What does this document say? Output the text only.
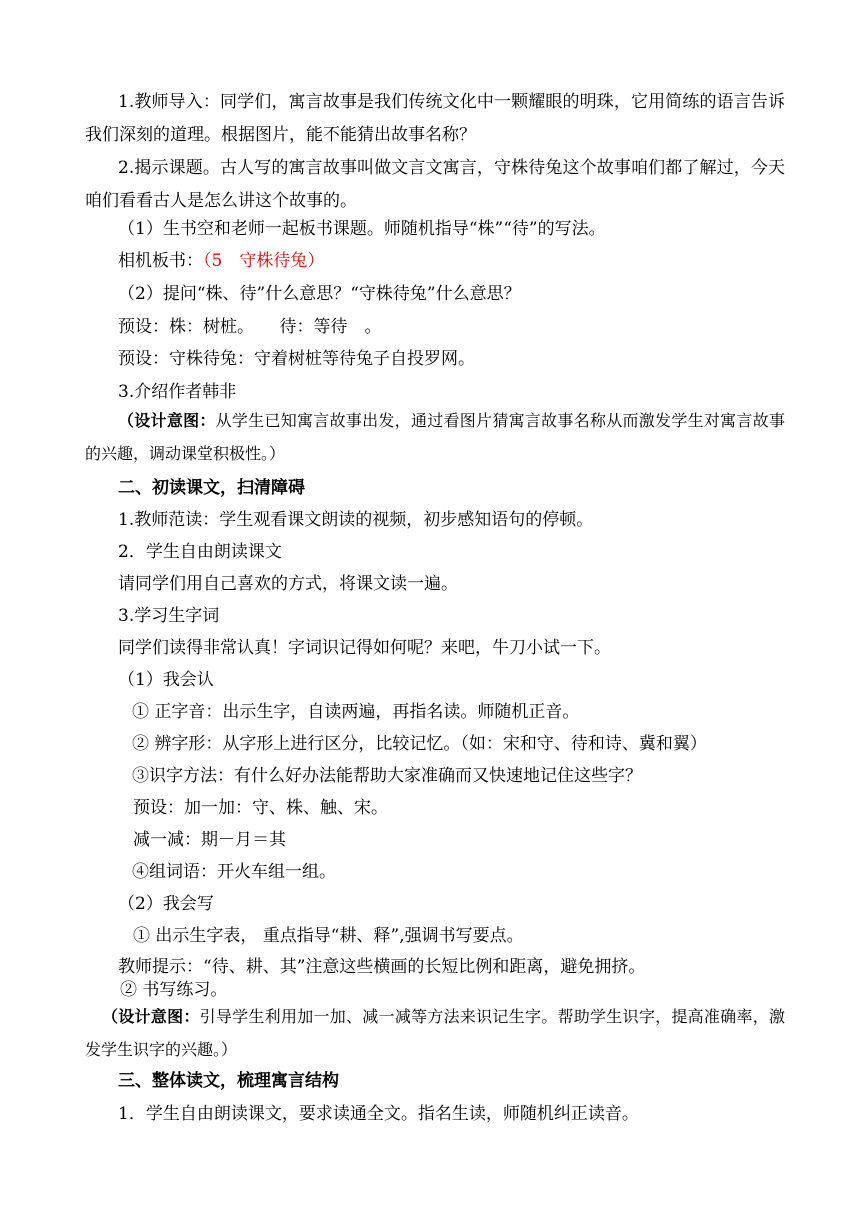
1.教师导入：同学们，寓言故事是我们传统文化中一颗耀眼的明珠，它用简练的语言告诉我们深刻的道理。根据图片，能不能猜出故事名称？
2.揭示课题。古人写的寓言故事叫做文言文寓言，守株待兔这个故事咱们都了解过，今天咱们看看古人是怎么讲这个故事的。
（1）生书空和老师一起板书课题。师随机指导“株”“待”的写法。
相机板书：（5　守株待兔）
（2）提问“株、待”什么意思？“守株待兔”什么意思？
预设：株：树桩。　　待：等待　。
预设：守株待兔：守着树桩等待兔子自投罗网。
3.介绍作者韩非
（设计意图：从学生已知寓言故事出发，通过看图片猜寓言故事名称从而激发学生对寓言故事的兴趣，调动课堂积极性。）
二、初读课文，扫清障碍
1.教师范读：学生观看课文朗读的视频，初步感知语句的停顿。
2．学生自由朗读课文
请同学们用自己喜欢的方式，将课文读一遍。
3.学习生字词
同学们读得非常认真！字词识记得如何呢？来吧，牛刀小试一下。
（1）我会认
① 正字音：出示生字，自读两遍，再指名读。师随机正音。
② 辨字形：从字形上进行区分，比较记忆。（如：宋和守、待和诗、冀和翼）
③识字方法：有什么好办法能帮助大家准确而又快速地记住这些字？
预设：加一加：守、株、触、宋。
减一减：期－月＝其
④组词语：开火车组一组。
（2）我会写
① 出示生字表， 重点指导“耕、释”,强调书写要点。
教师提示：“待、耕、其”注意这些横画的长短比例和距离，避免拥挤。
② 书写练习。
（设计意图：引导学生利用加一加、减一减等方法来识记生字。帮助学生识字，提高准确率，激发学生识字的兴趣。）
三、整体读文，梳理寓言结构
1．学生自由朗读课文，要求读通全文。指名生读，师随机纠正读音。
